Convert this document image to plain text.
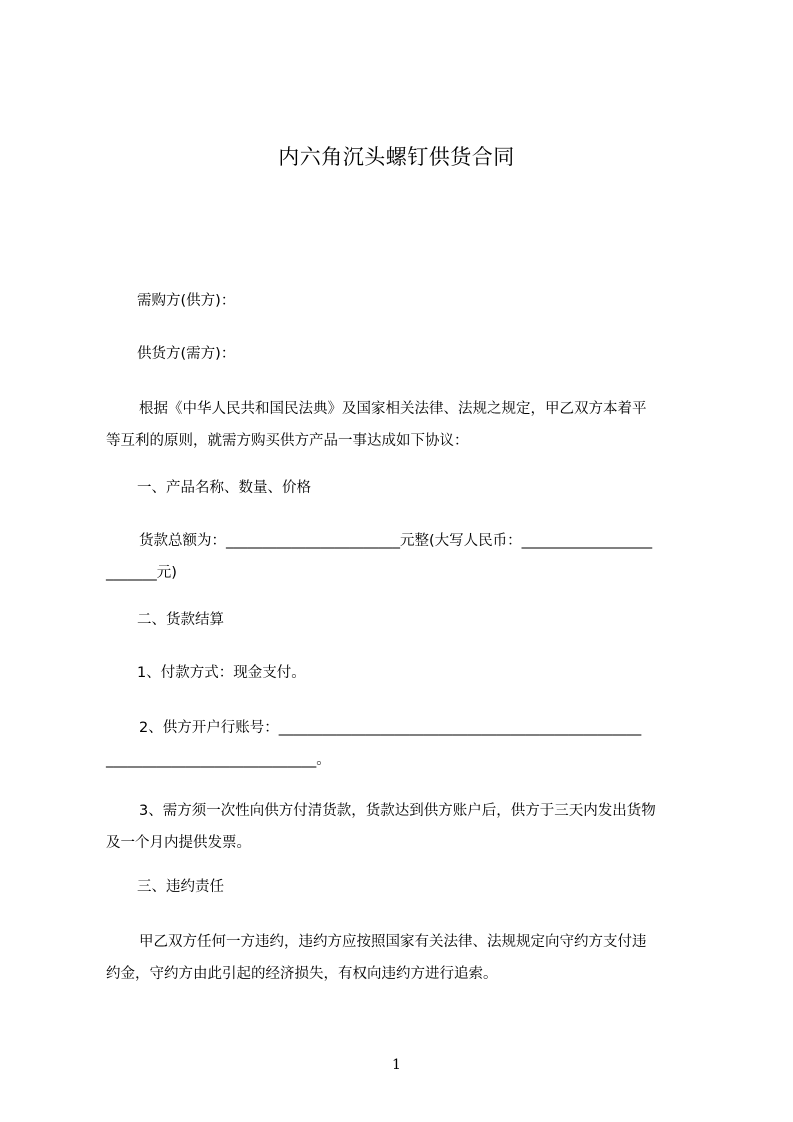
内六角沉头螺钉供货合同
需购方(供方)：
供货方(需方)：
根据《中华人民共和国民法典》及国家相关法律、法规之规定，甲乙双方本着平
等互利的原则，就需方购买供方产品一事达成如下协议：
一、产品名称、数量、价格
货款总额为：________________________元整(大写人民币：__________________
_______元)
二、货款结算
1、付款方式：现金支付。
2、供方开户行账号：__________________________________________________
_____________________________。
3、需方须一次性向供方付清货款，货款达到供方账户后，供方于三天内发出货物
及一个月内提供发票。
三、违约责任
甲乙双方任何一方违约，违约方应按照国家有关法律、法规规定向守约方支付违
约金，守约方由此引起的经济损失，有权向违约方进行追索。
1
